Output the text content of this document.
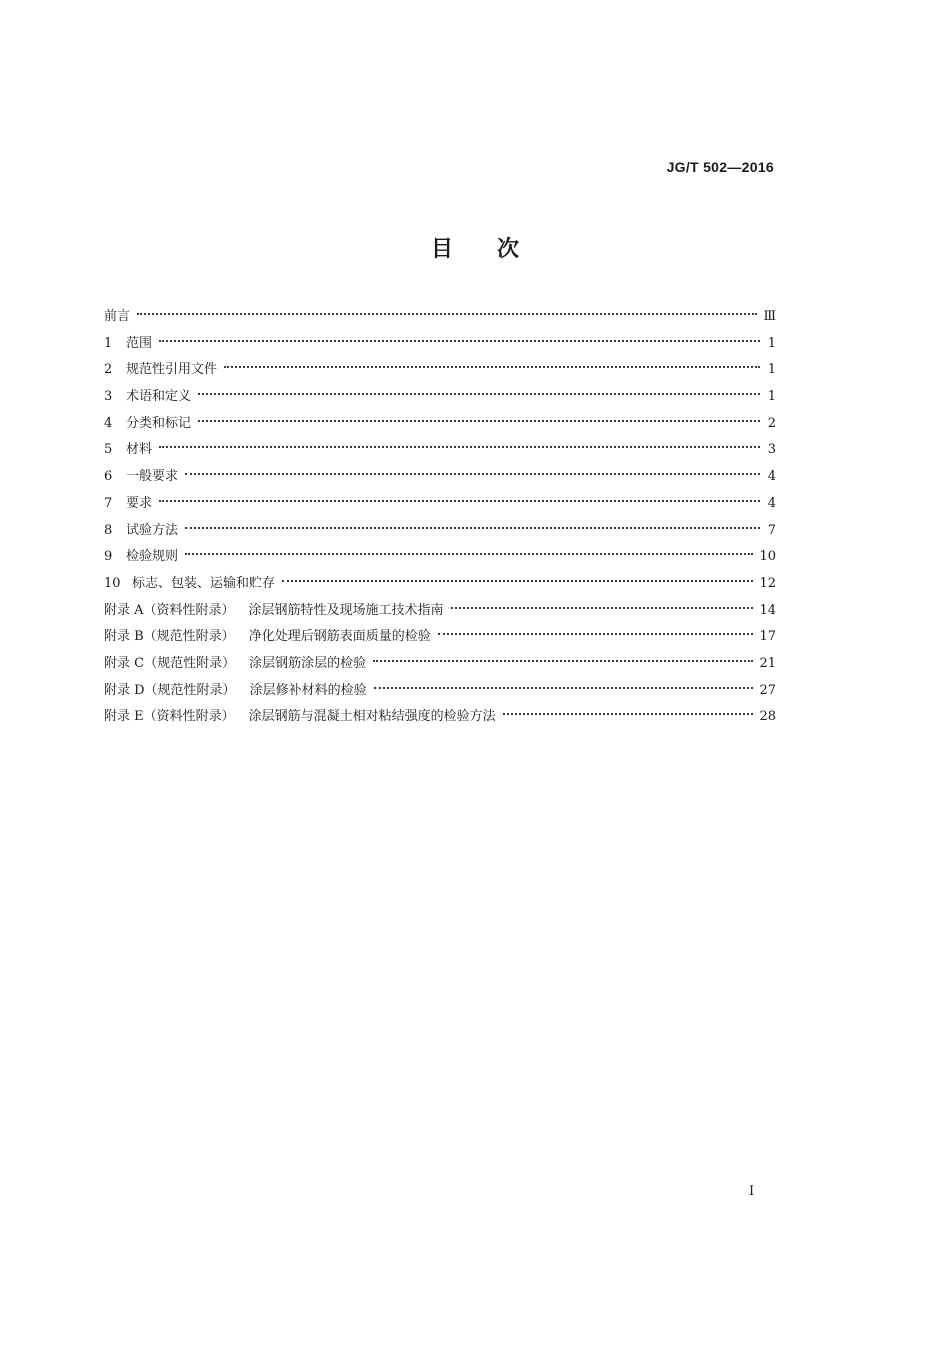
JG/T 502—2016
目次
前言	Ⅲ
1	范围	1
2	规范性引用文件	1
3	术语和定义	1
4	分类和标记	2
5	材料	3
6	一般要求	4
7	要求	4
8	试验方法	7
9	检验规则	10
10 标志、包装、运输和贮存	12
附录 A（资料性附录） 涂层钢筋特性及现场施工技术指南	14
附录 B（规范性附录） 净化处理后钢筋表面质量的检验	17
附录 C（规范性附录） 涂层钢筋涂层的检验	21
附录 D（规范性附录） 涂层修补材料的检验	27
附录 E（资料性附录） 涂层钢筋与混凝土相对粘结强度的检验方法	28
I
